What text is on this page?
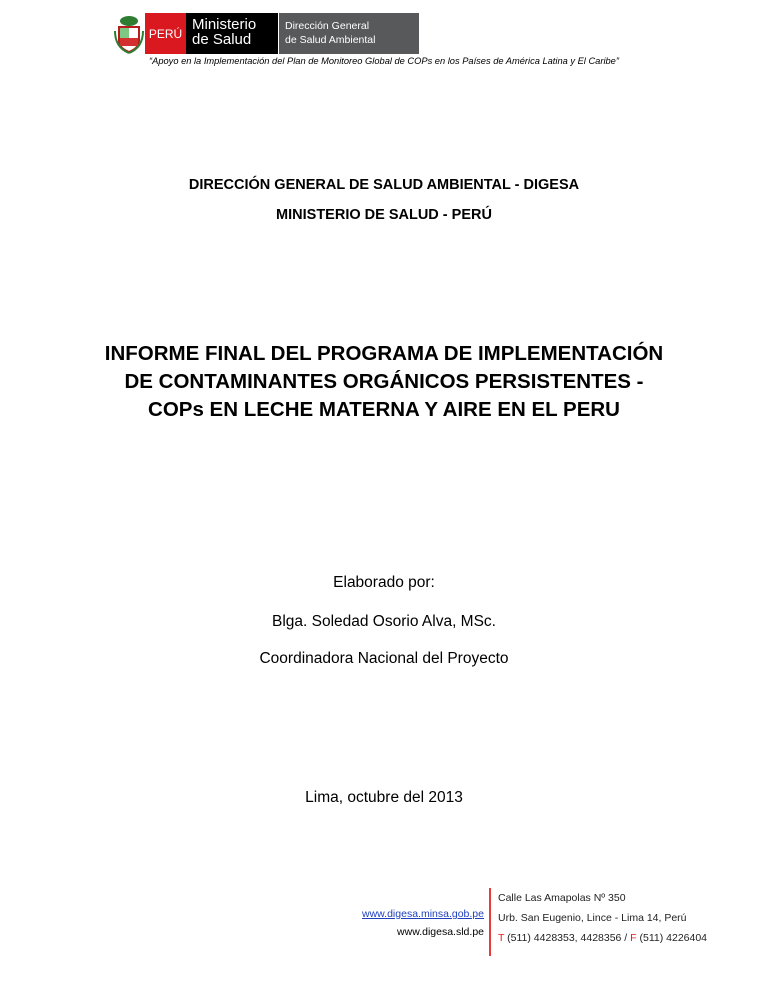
PERÚ
Ministerio
de Salud
Dirección General
de Salud Ambiental
“Apoyo en la Implementación del Plan de Monitoreo Global de COPs en los Países de América Latina y El Caribe”
DIRECCIÓN GENERAL DE SALUD AMBIENTAL - DIGESA
MINISTERIO DE SALUD - PERÚ
INFORME FINAL DEL PROGRAMA DE IMPLEMENTACIÓN
DE CONTAMINANTES ORGÁNICOS PERSISTENTES -
COPs EN LECHE MATERNA Y AIRE EN EL PERU
Elaborado por:
Blga. Soledad Osorio Alva, MSc.
Coordinadora Nacional del Proyecto
Lima, octubre del 2013
www.digesa.minsa.gob.pe
www.digesa.sld.pe
Calle Las Amapolas Nº 350
Urb. San Eugenio, Lince - Lima 14, Perú
T (511) 4428353, 4428356 / F (511) 4226404
